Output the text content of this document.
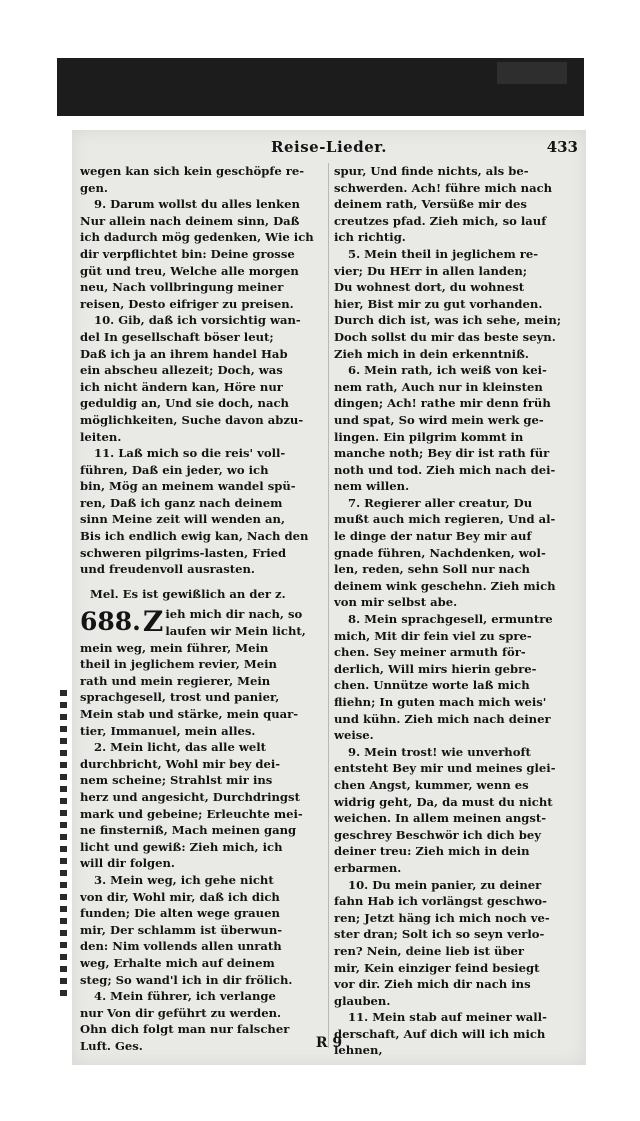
Reise-Lieder.	433
wegen kan sich kein geschöpfe re-
gen.
9. Darum wollst du alles lenken
Nur allein nach deinem sinn, Daß
ich dadurch mög gedenken, Wie ich
dir verpflichtet bin: Deine grosse
güt und treu, Welche alle morgen
neu, Nach vollbringung meiner
reisen, Desto eifriger zu preisen.
10. Gib, daß ich vorsichtig wan-
del In gesellschaft böser leut;
Daß ich ja an ihrem handel Hab
ein abscheu allezeit; Doch, was
ich nicht ändern kan, Höre nur
geduldig an, Und sie doch, nach
möglichkeiten, Suche davon abzu-
leiten.
11. Laß mich so die reis' voll-
führen, Daß ein jeder, wo ich
bin, Mög an meinem wandel spü-
ren, Daß ich ganz nach deinem
sinn Meine zeit will wenden an,
Bis ich endlich ewig kan, Nach den
schweren pilgrims-lasten, Fried
und freudenvoll ausrasten.
Mel. Es ist gewißlich an der z.
688. Z ieh mich dir nach, so
laufen wir Mein licht,
mein weg, mein führer, Mein
theil in jeglichem revier, Mein
rath und mein regierer, Mein
sprachgesell, trost und panier,
Mein stab und stärke, mein quar-
tier, Immanuel, mein alles.
2. Mein licht, das alle welt
durchbricht, Wohl mir bey dei-
nem scheine; Strahlst mir ins
herz und angesicht, Durchdringst
mark und gebeine; Erleuchte mei-
ne finsterniß, Mach meinen gang
licht und gewiß: Zieh mich, ich
will dir folgen.
3. Mein weg, ich gehe nicht
von dir, Wohl mir, daß ich dich
funden; Die alten wege grauen
mir, Der schlamm ist überwun-
den: Nim vollends allen unrath
weg, Erhalte mich auf deinem
steg; So wand'l ich in dir frölich.
4. Mein führer, ich verlange
nur Von dir geführt zu werden.
Ohn dich folgt man nur falscher
Luft. Ges.
spur, Und finde nichts, als be-
schwerden. Ach! führe mich nach
deinem rath, Versüße mir des
creutzes pfad. Zieh mich, so lauf
ich richtig.
5. Mein theil in jeglichem re-
vier; Du HErr in allen landen;
Du wohnest dort, du wohnest
hier, Bist mir zu gut vorhanden.
Durch dich ist, was ich sehe, mein;
Doch sollst du mir das beste seyn.
Zieh mich in dein erkenntniß.
6. Mein rath, ich weiß von kei-
nem rath, Auch nur in kleinsten
dingen; Ach! rathe mir denn früh
und spat, So wird mein werk ge-
lingen. Ein pilgrim kommt in
manche noth; Bey dir ist rath für
noth und tod. Zieh mich nach dei-
nem willen.
7. Regierer aller creatur, Du
mußt auch mich regieren, Und al-
le dinge der natur Bey mir auf
gnade führen, Nachdenken, wol-
len, reden, sehn Soll nur nach
deinem wink geschehn. Zieh mich
von mir selbst abe.
8. Mein sprachgesell, ermuntre
mich, Mit dir fein viel zu spre-
chen. Sey meiner armuth för-
derlich, Will mirs hierin gebre-
chen. Unnütze worte laß mich
fliehn; In guten mach mich weis'
und kühn. Zieh mich nach deiner
weise.
9. Mein trost! wie unverhoft
entsteht Bey mir und meines glei-
chen Angst, kummer, wenn es
widrig geht, Da, da must du nicht
weichen. In allem meinen angst-
geschrey Beschwör ich dich bey
deiner treu: Zieh mich in dein
erbarmen.
10. Du mein panier, zu deiner
fahn Hab ich vorlängst geschwo-
ren; Jetzt häng ich mich noch ve-
ster dran; Solt ich so seyn verlo-
ren? Nein, deine lieb ist über
mir, Kein einziger feind besiegt
vor dir. Zieh mich dir nach ins
glauben.
11. Mein stab auf meiner wall-
derschaft, Auf dich will ich mich
lehnen,
R 9
